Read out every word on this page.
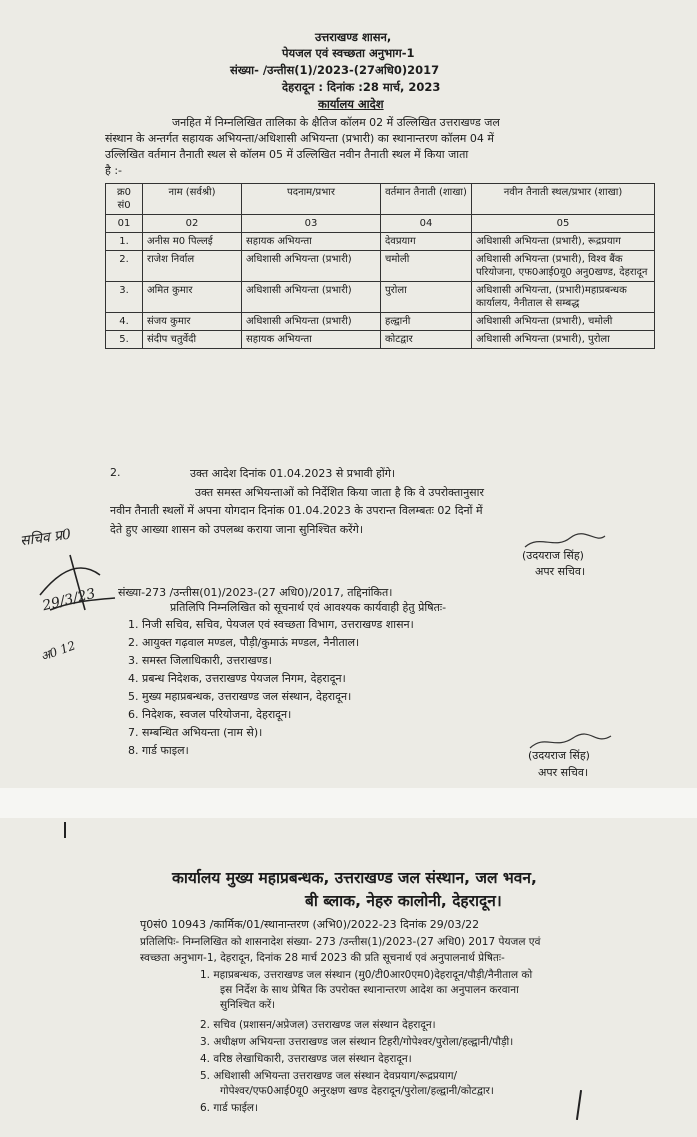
उत्तराखण्ड शासन,
पेयजल एवं स्वच्छता अनुभाग-1
संख्या- /उन्तीस(1)/2023-(27अधि0)2017
देहरादून : दिनांक :28 मार्च, 2023
कार्यालय आदेश
जनहित में निम्नलिखित तालिका के क्षैतिज कॉलम 02 में उल्लिखित उत्तराखण्ड जल
संस्थान के अन्तर्गत सहायक अभियन्ता/अधिशासी अभियन्ता (प्रभारी) का स्थानान्तरण कॉलम 04 में
उल्लिखित वर्तमान तैनाती स्थल से कॉलम 05 में उल्लिखित नवीन तैनाती स्थल में किया जाता
है :-
क्र0 सं0	नाम (सर्वश्री)	पदनाम/प्रभार	वर्तमान तैनाती (शाखा)	नवीन तैनाती स्थल/प्रभार (शाखा)
01	02	03	04	05
1.	अनीस म0 पिल्लई	सहायक अभियन्ता	देवप्रयाग	अधिशासी अभियन्ता (प्रभारी), रूद्रप्रयाग
2.	राजेश निर्वाल	अधिशासी अभियन्ता (प्रभारी)	चमोली	अधिशासी अभियन्ता (प्रभारी), विश्व बैंक परियोजना, एफ0आई0यू0 अनु0खण्ड, देहरादून
3.	अमित कुमार	अधिशासी अभियन्ता (प्रभारी)	पुरोला	अधिशासी अभियन्ता, (प्रभारी)महाप्रबन्धक कार्यालय, नैनीताल से सम्बद्ध
4.	संजय कुमार	अधिशासी अभियन्ता (प्रभारी)	हल्द्वानी	अधिशासी अभियन्ता (प्रभारी), चमोली
5.	संदीप चतुर्वेदी	सहायक अभियन्ता	कोटद्वार	अधिशासी अभियन्ता (प्रभारी), पुरोला
2.	उक्त आदेश दिनांक 01.04.2023 से प्रभावी होंगे।
उक्त समस्त अभियन्ताओं को निर्देशित किया जाता है कि वे उपरोक्तानुसार
नवीन तैनाती स्थलों में अपना योगदान दिनांक 01.04.2023 के उपरान्त विलम्बतः 02 दिनों में
देते हुए आख्या शासन को उपलब्ध कराया जाना सुनिश्चित करेंगे।
सचिव प्र0
29/3/23
अ0 12
(उदयराज सिंह)
अपर सचिव।
संख्या-273 /उन्तीस(01)/2023-(27 अधि0)/2017, तद्दिनांकित।
प्रतिलिपि निम्नलिखित को सूचनार्थ एवं आवश्यक कार्यवाही हेतु प्रेषितः-
1. निजी सचिव, सचिव, पेयजल एवं स्वच्छता विभाग, उत्तराखण्ड शासन।
2. आयुक्त गढ़वाल मण्डल, पौड़ी/कुमाऊं मण्डल, नैनीताल।
3. समस्त जिलाधिकारी, उत्तराखण्ड।
4. प्रबन्ध निदेशक, उत्तराखण्ड पेयजल निगम, देहरादून।
5. मुख्य महाप्रबन्धक, उत्तराखण्ड जल संस्थान, देहरादून।
6. निदेशक, स्वजल परियोजना, देहरादून।
7. सम्बन्धित अभियन्ता (नाम से)।
8. गार्ड फाइल।	(उदयराज सिंह)
अपर सचिव।
कार्यालय मुख्य महाप्रबन्धक, उत्तराखण्ड जल संस्थान, जल भवन,
बी ब्लाक, नेहरु कालोनी, देहरादून।
पृ0सं0 10943 /कार्मिक/01/स्थानान्तरण (अभि0)/2022-23 दिनांक 29/03/22
प्रतिलिपिः- निम्नलिखित को शासनादेश संख्या- 273 /उन्तीस(1)/2023-(27 अधि0) 2017 पेयजल एवं
स्वच्छता अनुभाग-1, देहरादून, दिनांक 28 मार्च 2023 की प्रति सूचनार्थ एवं अनुपालनार्थ प्रेषितः-
1. महाप्रबन्धक, उत्तराखण्ड जल संस्थान (मु0/टी0आर0एम0)देहरादून/पौड़ी/नैनीताल को
इस निर्देश के साथ प्रेषित कि उपरोक्त स्थानान्तरण आदेश का अनुपालन करवाना
सुनिश्चित करें।
2. सचिव (प्रशासन/अप्रेजल) उत्तराखण्ड जल संस्थान देहरादून।
3. अधीक्षण अभियन्ता उत्तराखण्ड जल संस्थान टिहरी/गोपेश्वर/पुरोला/हल्द्वानी/पौड़ी।
4. वरिष्ठ लेखाधिकारी, उत्तराखण्ड जल संस्थान देहरादून।
5. अधिशासी अभियन्ता उत्तराखण्ड जल संस्थान देवप्रयाग/रूद्रप्रयाग/
गोपेश्वर/एफ0आई0यू0 अनुरक्षण खण्ड देहरादून/पुरोला/हल्द्वानी/कोटद्वार।
6. गार्ड फाईल।
